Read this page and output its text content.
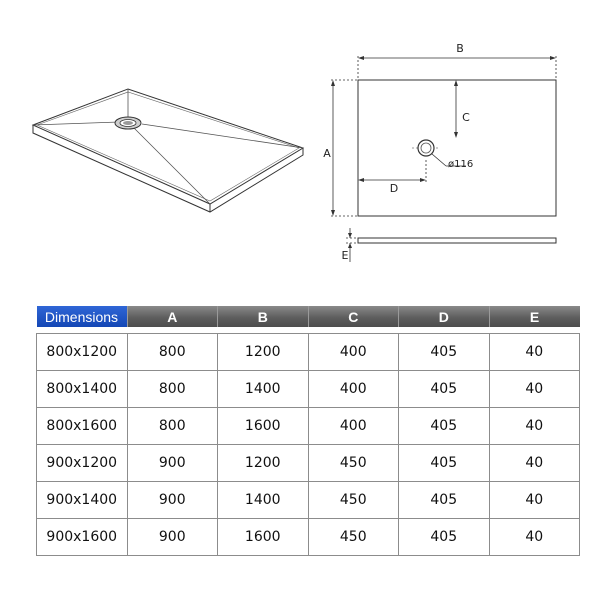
B
A
C
D
E
ø116
Dimensions	A	B	C	D	E

800x1200	800	1200	400	405	40
800x1400	800	1400	400	405	40
800x1600	800	1600	400	405	40
900x1200	900	1200	450	405	40
900x1400	900	1400	450	405	40
900x1600	900	1600	450	405	40
